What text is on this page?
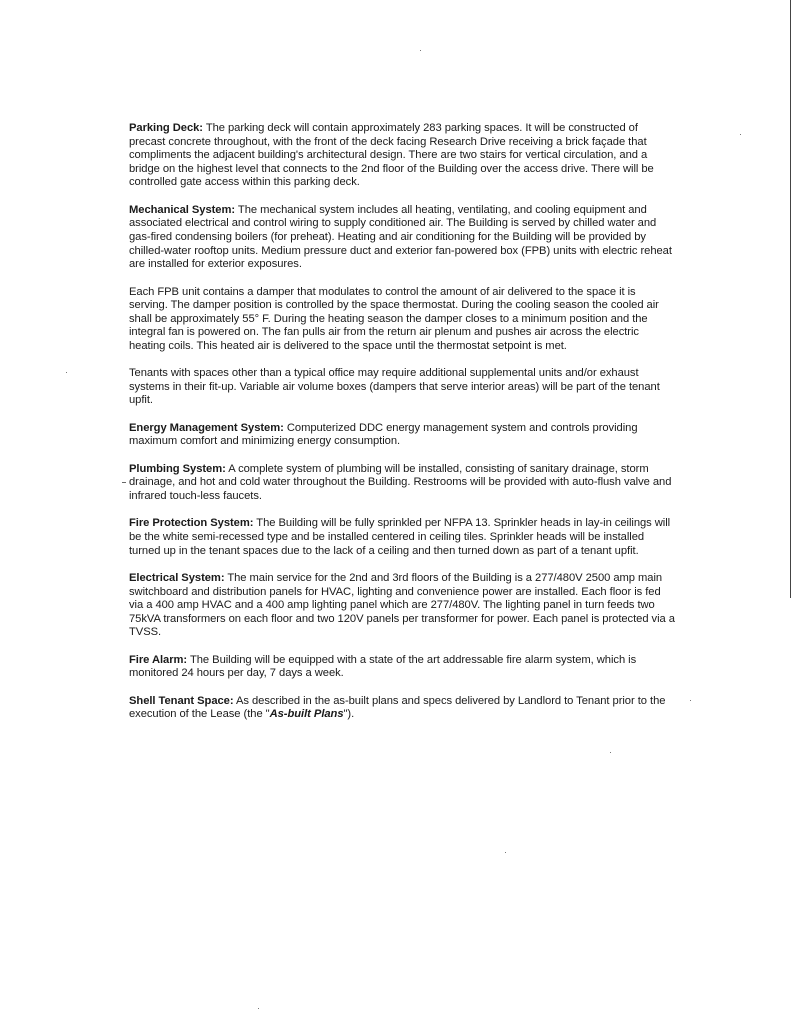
Parking Deck: The parking deck will contain approximately 283 parking spaces. It will be constructed of precast concrete throughout, with the front of the deck facing Research Drive receiving a brick façade that compliments the adjacent building's architectural design. There are two stairs for vertical circulation, and a bridge on the highest level that connects to the 2nd floor of the Building over the access drive. There will be controlled gate access within this parking deck.

Mechanical System: The mechanical system includes all heating, ventilating, and cooling equipment and associated electrical and control wiring to supply conditioned air. The Building is served by chilled water and gas-fired condensing boilers (for preheat). Heating and air conditioning for the Building will be provided by chilled-water rooftop units. Medium pressure duct and exterior fan-powered box (FPB) units with electric reheat are installed for exterior exposures.

Each FPB unit contains a damper that modulates to control the amount of air delivered to the space it is serving. The damper position is controlled by the space thermostat. During the cooling season the cooled air shall be approximately 55° F. During the heating season the damper closes to a minimum position and the integral fan is powered on. The fan pulls air from the return air plenum and pushes air across the electric heating coils. This heated air is delivered to the space until the thermostat setpoint is met.

Tenants with spaces other than a typical office may require additional supplemental units and/or exhaust systems in their fit-up. Variable air volume boxes (dampers that serve interior areas) will be part of the tenant upfit.

Energy Management System: Computerized DDC energy management system and controls providing maximum comfort and minimizing energy consumption.

Plumbing System: A complete system of plumbing will be installed, consisting of sanitary drainage, storm drainage, and hot and cold water throughout the Building. Restrooms will be provided with auto-flush valve and infrared touch-less faucets.

Fire Protection System: The Building will be fully sprinkled per NFPA 13. Sprinkler heads in lay-in ceilings will be the white semi-recessed type and be installed centered in ceiling tiles. Sprinkler heads will be installed turned up in the tenant spaces due to the lack of a ceiling and then turned down as part of a tenant upfit.

Electrical System: The main service for the 2nd and 3rd floors of the Building is a 277/480V 2500 amp main switchboard and distribution panels for HVAC, lighting and convenience power are installed. Each floor is fed via a 400 amp HVAC and a 400 amp lighting panel which are 277/480V. The lighting panel in turn feeds two 75kVA transformers on each floor and two 120V panels per transformer for power. Each panel is protected via a TVSS.

Fire Alarm: The Building will be equipped with a state of the art addressable fire alarm system, which is monitored 24 hours per day, 7 days a week.

Shell Tenant Space: As described in the as-built plans and specs delivered by Landlord to Tenant prior to the execution of the Lease (the "As-built Plans").
